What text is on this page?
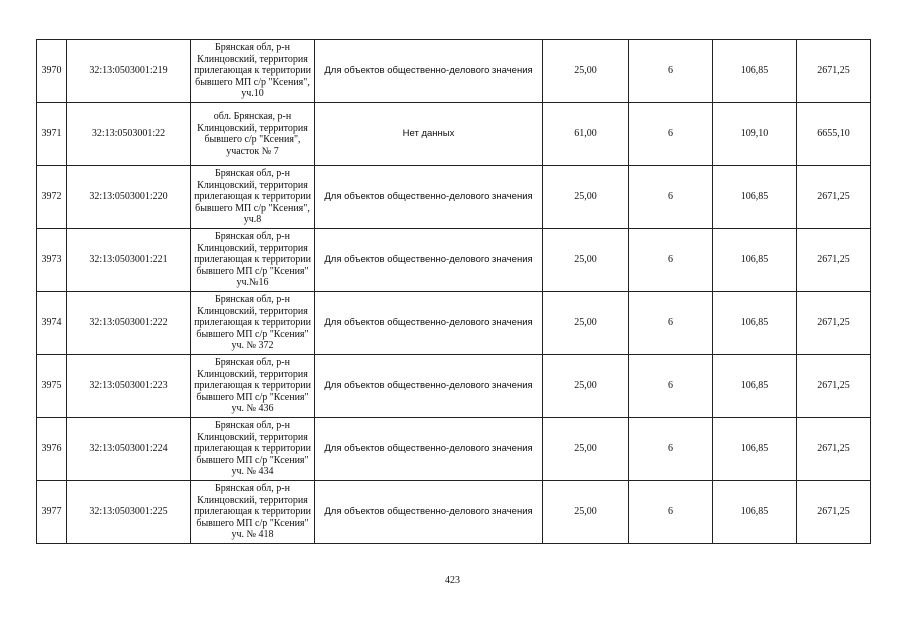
3970	32:13:0503001:219	Брянская обл, р-н Клинцовский, территория прилегающая к территории бывшего МП с/р "Ксения", уч.10	Для объектов общественно-делового значения	25,00	6	106,85	2671,25
3971	32:13:0503001:22	обл. Брянская, р-н Клинцовский, территория бывшего с/р "Ксения", участок № 7	Нет данных	61,00	6	109,10	6655,10
3972	32:13:0503001:220	Брянская обл, р-н Клинцовский, территория прилегающая к территории бывшего МП с/р "Ксения", уч.8	Для объектов общественно-делового значения	25,00	6	106,85	2671,25
3973	32:13:0503001:221	Брянская обл, р-н Клинцовский, территория прилегающая к территории бывшего МП с/р "Ксения" уч.№16	Для объектов общественно-делового значения	25,00	6	106,85	2671,25
3974	32:13:0503001:222	Брянская обл, р-н Клинцовский, территория прилегающая к территории бывшего МП с/р "Ксения" уч. № 372	Для объектов общественно-делового значения	25,00	6	106,85	2671,25
3975	32:13:0503001:223	Брянская обл, р-н Клинцовский, территория прилегающая к территории бывшего МП с/р "Ксения" уч. № 436	Для объектов общественно-делового значения	25,00	6	106,85	2671,25
3976	32:13:0503001:224	Брянская обл, р-н Клинцовский, территория прилегающая к территории бывшего МП с/р "Ксения" уч. № 434	Для объектов общественно-делового значения	25,00	6	106,85	2671,25
3977	32:13:0503001:225	Брянская обл, р-н Клинцовский, территория прилегающая к территории бывшего МП с/р "Ксения" уч. № 418	Для объектов общественно-делового значения	25,00	6	106,85	2671,25
423
